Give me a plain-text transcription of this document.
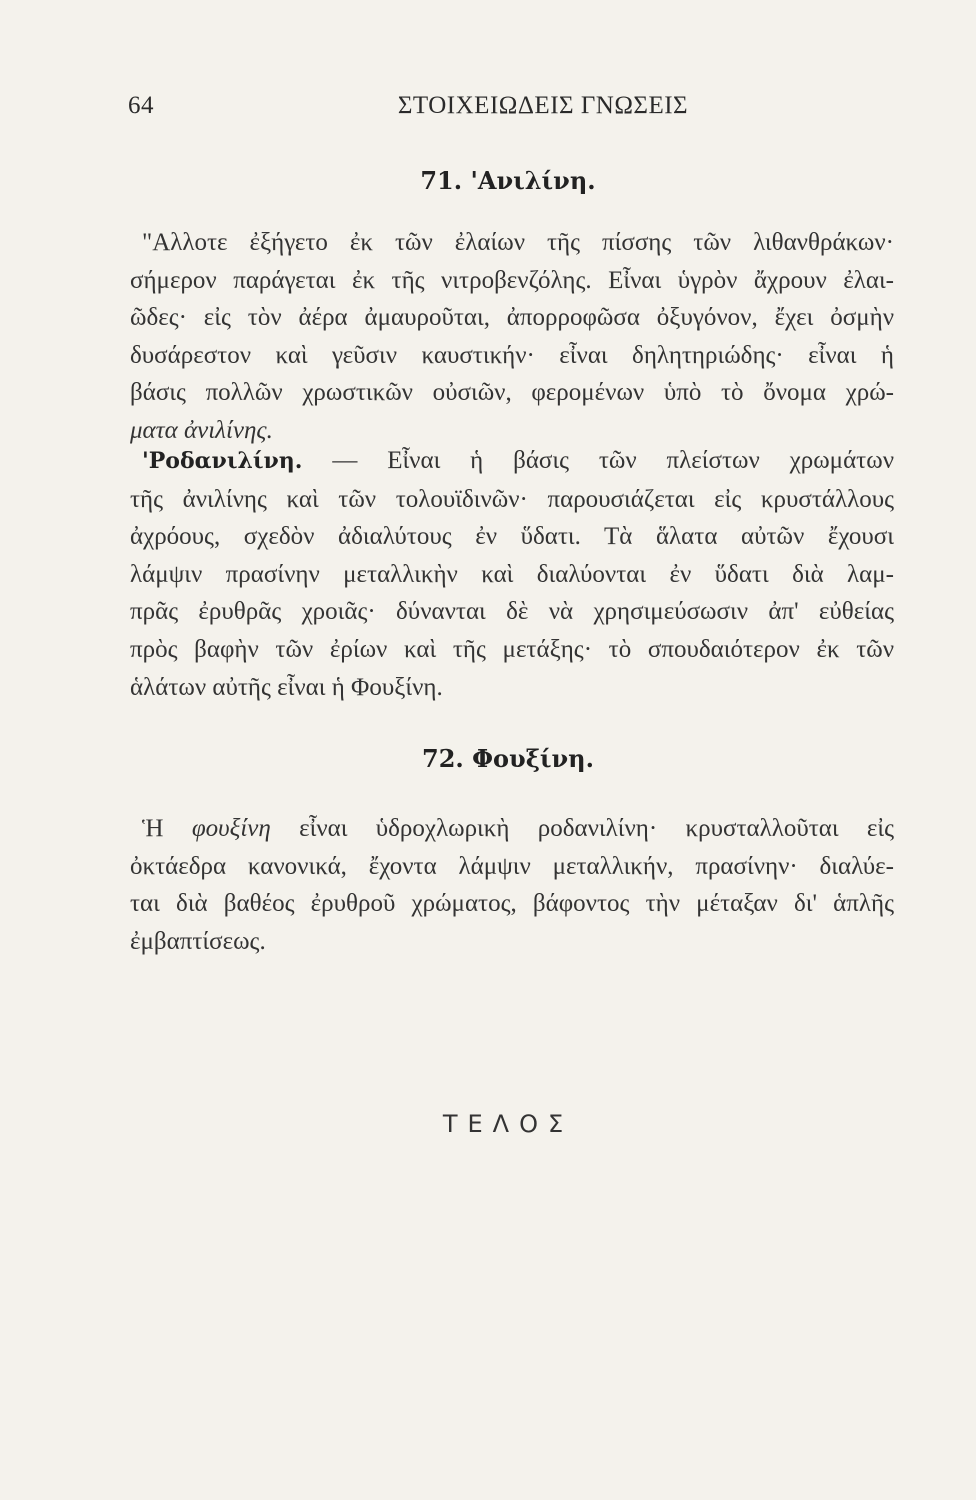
64	ΣΤΟΙΧΕΙΩΔΕΙΣ ΓΝΩΣΕΙΣ
71. 'Ανιλίνη.
"Αλλοτε ἐξήγετο ἐκ τῶν ἐλαίων τῆς πίσσης τῶν λιθανθράκων·
σήμερον παράγεται ἐκ τῆς νιτροβενζόλης. Εἶναι ὑγρὸν ἄχρουν ἐλαι-
ῶδες· εἰς τὸν ἀέρα ἀμαυροῦται, ἀπορροφῶσα ὀξυγόνον, ἔχει ὀσμὴν
δυσάρεστον καὶ γεῦσιν καυστικήν· εἶναι δηλητηριώδης· εἶναι ἡ
βάσις πολλῶν χρωστικῶν οὐσιῶν, φερομένων ὑπὸ τὸ ὄνομα χρώ-
ματα ἀνιλίνης.
'Ροδανιλίνη. — Εἶναι ἡ βάσις τῶν πλείστων χρωμάτων
τῆς ἀνιλίνης καὶ τῶν τολουϊδινῶν· παρουσιάζεται εἰς κρυστάλλους
ἀχρόους, σχεδὸν ἀδιαλύτους ἐν ὕδατι. Τὰ ἅλατα αὐτῶν ἔχουσι
λάμψιν πρασίνην μεταλλικὴν καὶ διαλύονται ἐν ὕδατι διὰ λαμ-
πρᾶς ἐρυθρᾶς χροιᾶς· δύνανται δὲ νὰ χρησιμεύσωσιν ἀπ' εὐθείας
πρὸς βαφὴν τῶν ἐρίων καὶ τῆς μετάξης· τὸ σπουδαιότερον ἐκ τῶν
ἁλάτων αὐτῆς εἶναι ἡ Φουξίνη.
72. Φουξίνη.
Ἡ φουξίνη εἶναι ὑδροχλωρικὴ ροδανιλίνη· κρυσταλλοῦται εἰς
ὀκτάεδρα κανονικά, ἔχοντα λάμψιν μεταλλικήν, πρασίνην· διαλύε-
ται διὰ βαθέος ἐρυθροῦ χρώματος, βάφοντος τὴν μέταξαν δι' ἁπλῆς
ἐμβαπτίσεως.
ΤΕΛΟΣ
